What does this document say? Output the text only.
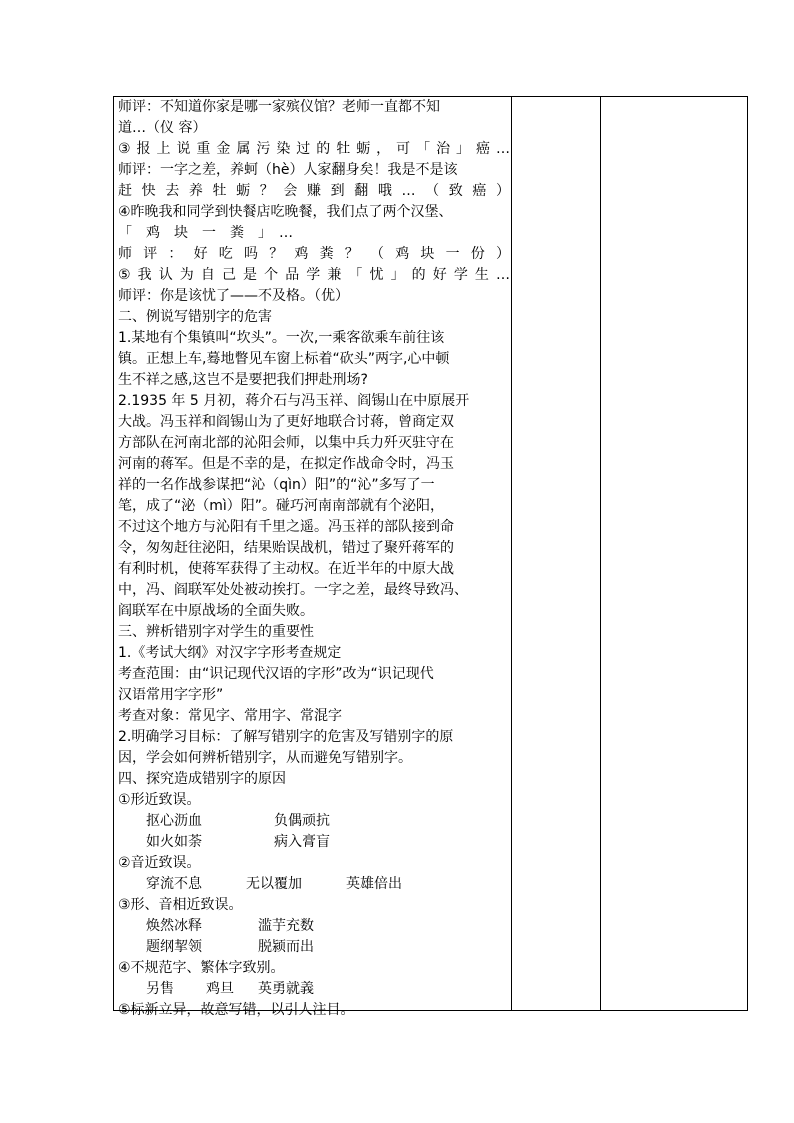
师评：不知道你家是哪一家殡仪馆？老师一直都不知
道…（仪 容）
③报上说重金属污染过的牡蛎，可「治」癌…
师评：一字之差，养蚵（hè）人家翻身矣！我是不是该
赶快去养牡蛎？会赚到翻哦…（致癌）
④昨晚我和同学到快餐店吃晚餐，我们点了两个汉堡、
「　鸡　块　一　粪　」　…
师评：好吃吗？鸡粪？（鸡块一份）
⑤我认为自己是个品学兼「忧」的好学生…
师评：你是该忧了——不及格。（优）
二、例说写错别字的危害
1.某地有个集镇叫“坎头”。一次,一乘客欲乘车前往该
镇。正想上车,蓦地瞥见车窗上标着“砍头”两字,心中顿
生不祥之感,这岂不是要把我们押赴刑场?
2.1935 年 5 月初，蒋介石与冯玉祥、阎锡山在中原展开
大战。冯玉祥和阎锡山为了更好地联合讨蒋，曾商定双
方部队在河南北部的沁阳会师，以集中兵力歼灭驻守在
河南的蒋军。但是不幸的是，在拟定作战命令时，冯玉
祥的一名作战参谋把“沁（qìn）阳”的“沁”多写了一
笔，成了“泌（mì）阳”。碰巧河南南部就有个泌阳，
不过这个地方与沁阳有千里之遥。冯玉祥的部队接到命
令，匆匆赶往泌阳，结果贻误战机，错过了聚歼蒋军的
有利时机，使蒋军获得了主动权。在近半年的中原大战
中，冯、阎联军处处被动挨打。一字之差，最终导致冯、
阎联军在中原战场的全面失败。
三、辨析错别字对学生的重要性
1.《考试大纲》对汉字字形考查规定
考查范围：由“识记现代汉语的字形”改为“识记现代
汉语常用字字形”
考查对象：常见字、常用字、常混字
2.明确学习目标：了解写错别字的危害及写错别字的原
因，学会如何辨析错别字，从而避免写错别字。
四、探究造成错别字的原因
①形近致误。
抠心沥血	负偶顽抗
如火如荼	病入膏盲
②音近致误。
穿流不息	无以覆加	英雄倍出
③形、音相近致误。
焕然冰释	滥芋充数
题纲挈领	脱颍而出
④不规范字、繁体字致别。
另售	鸡旦	英勇就義
⑤标新立异，故意写错，以引人注目。
